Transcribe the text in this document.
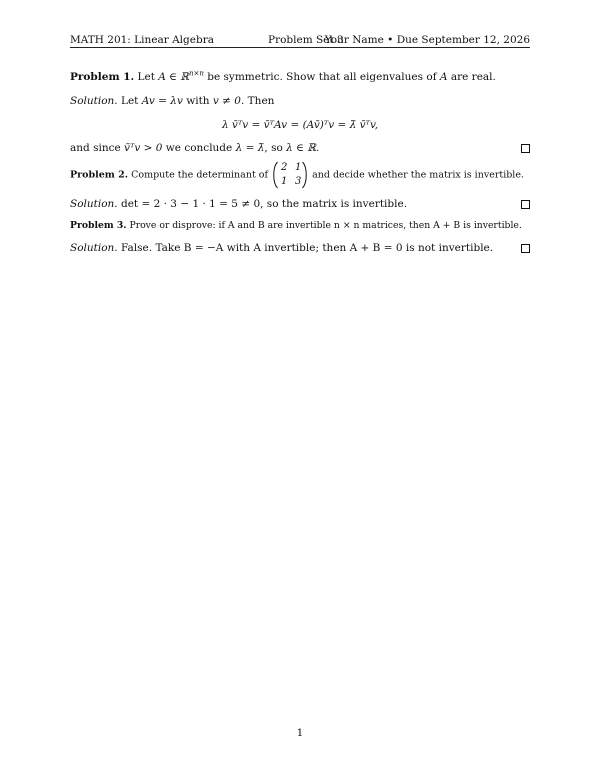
MATH 201: Linear Algebra	Problem Set 3
Your Name • Due September 12, 2026
Problem 1. Let A ∈ ℝ$^{n\times n}$ be symmetric. Show that all eigenvalues of A are real.
Solution. Let Av = λv with v ≠ 0. Then
λ v̄ᵀv = v̄ᵀAv = (Av̄)ᵀv = λ̄ v̄ᵀv,
and since v̄ᵀv > 0 we conclude λ = λ̄, so λ ∈ ℝ.
Problem 2. Compute the determinant of
2 1
1 3
and decide whether the matrix is invertible.
Solution. det = 2 · 3 − 1 · 1 = 5 ≠ 0, so the matrix is invertible.
Problem 3. Prove or disprove: if A and B are invertible n × n matrices, then A + B is invertible.
Solution. False. Take B = −A with A invertible; then A + B = 0 is not invertible.
1
